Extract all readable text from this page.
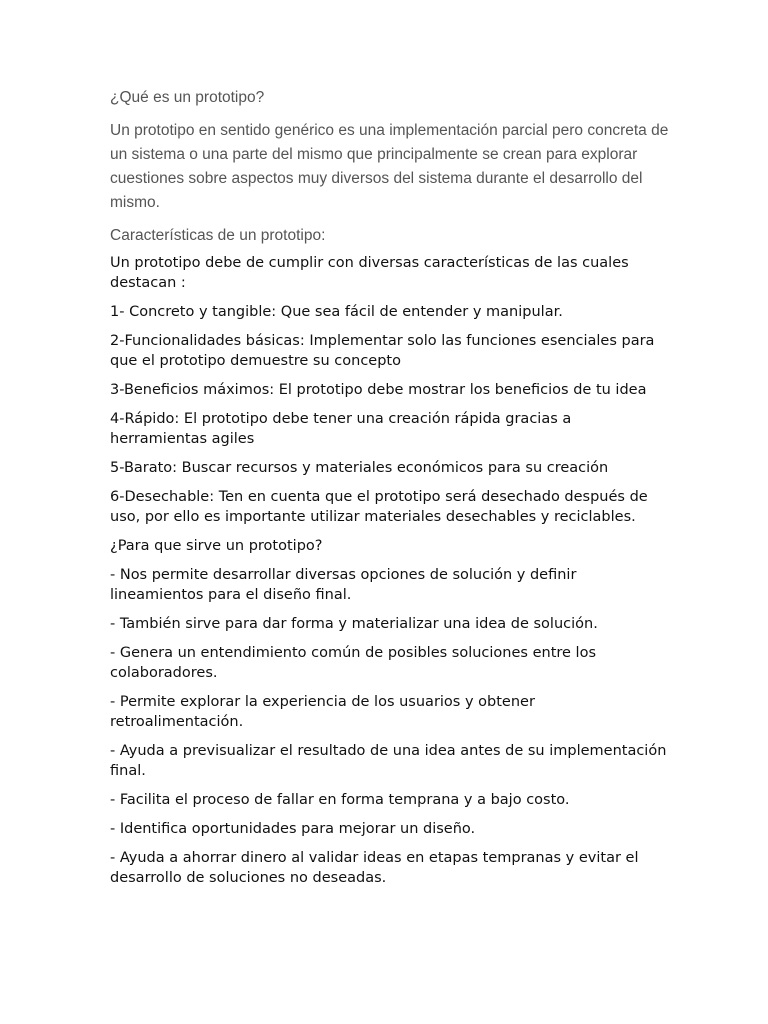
¿Qué es un prototipo?

Un prototipo en sentido genérico es una implementación parcial pero concreta de un sistema o una parte del mismo que principalmente se crean para explorar cuestiones sobre aspectos muy diversos del sistema durante el desarrollo del mismo.

Características de un prototipo:

Un prototipo debe de cumplir con diversas características de las cuales destacan :

1- Concreto y tangible: Que sea fácil de entender y manipular.

2-Funcionalidades básicas: Implementar solo las funciones esenciales para que el prototipo demuestre su concepto

3-Beneficios máximos: El prototipo debe mostrar los beneficios de tu idea

4-Rápido: El prototipo debe tener una creación rápida gracias a herramientas agiles

5-Barato: Buscar recursos y materiales económicos para su creación

6-Desechable: Ten en cuenta que el prototipo será desechado después de uso, por ello es importante utilizar materiales desechables y reciclables.

¿Para que sirve un prototipo?

- Nos permite desarrollar diversas opciones de solución y definir lineamientos para el diseño final.

- También sirve para dar forma y materializar una idea de solución.

- Genera un entendimiento común de posibles soluciones entre los colaboradores.

- Permite explorar la experiencia de los usuarios y obtener retroalimentación.

- Ayuda a previsualizar el resultado de una idea antes de su implementación final.

- Facilita el proceso de fallar en forma temprana y a bajo costo.

- Identifica oportunidades para mejorar un diseño.

- Ayuda a ahorrar dinero al validar ideas en etapas tempranas y evitar el desarrollo de soluciones no deseadas.
